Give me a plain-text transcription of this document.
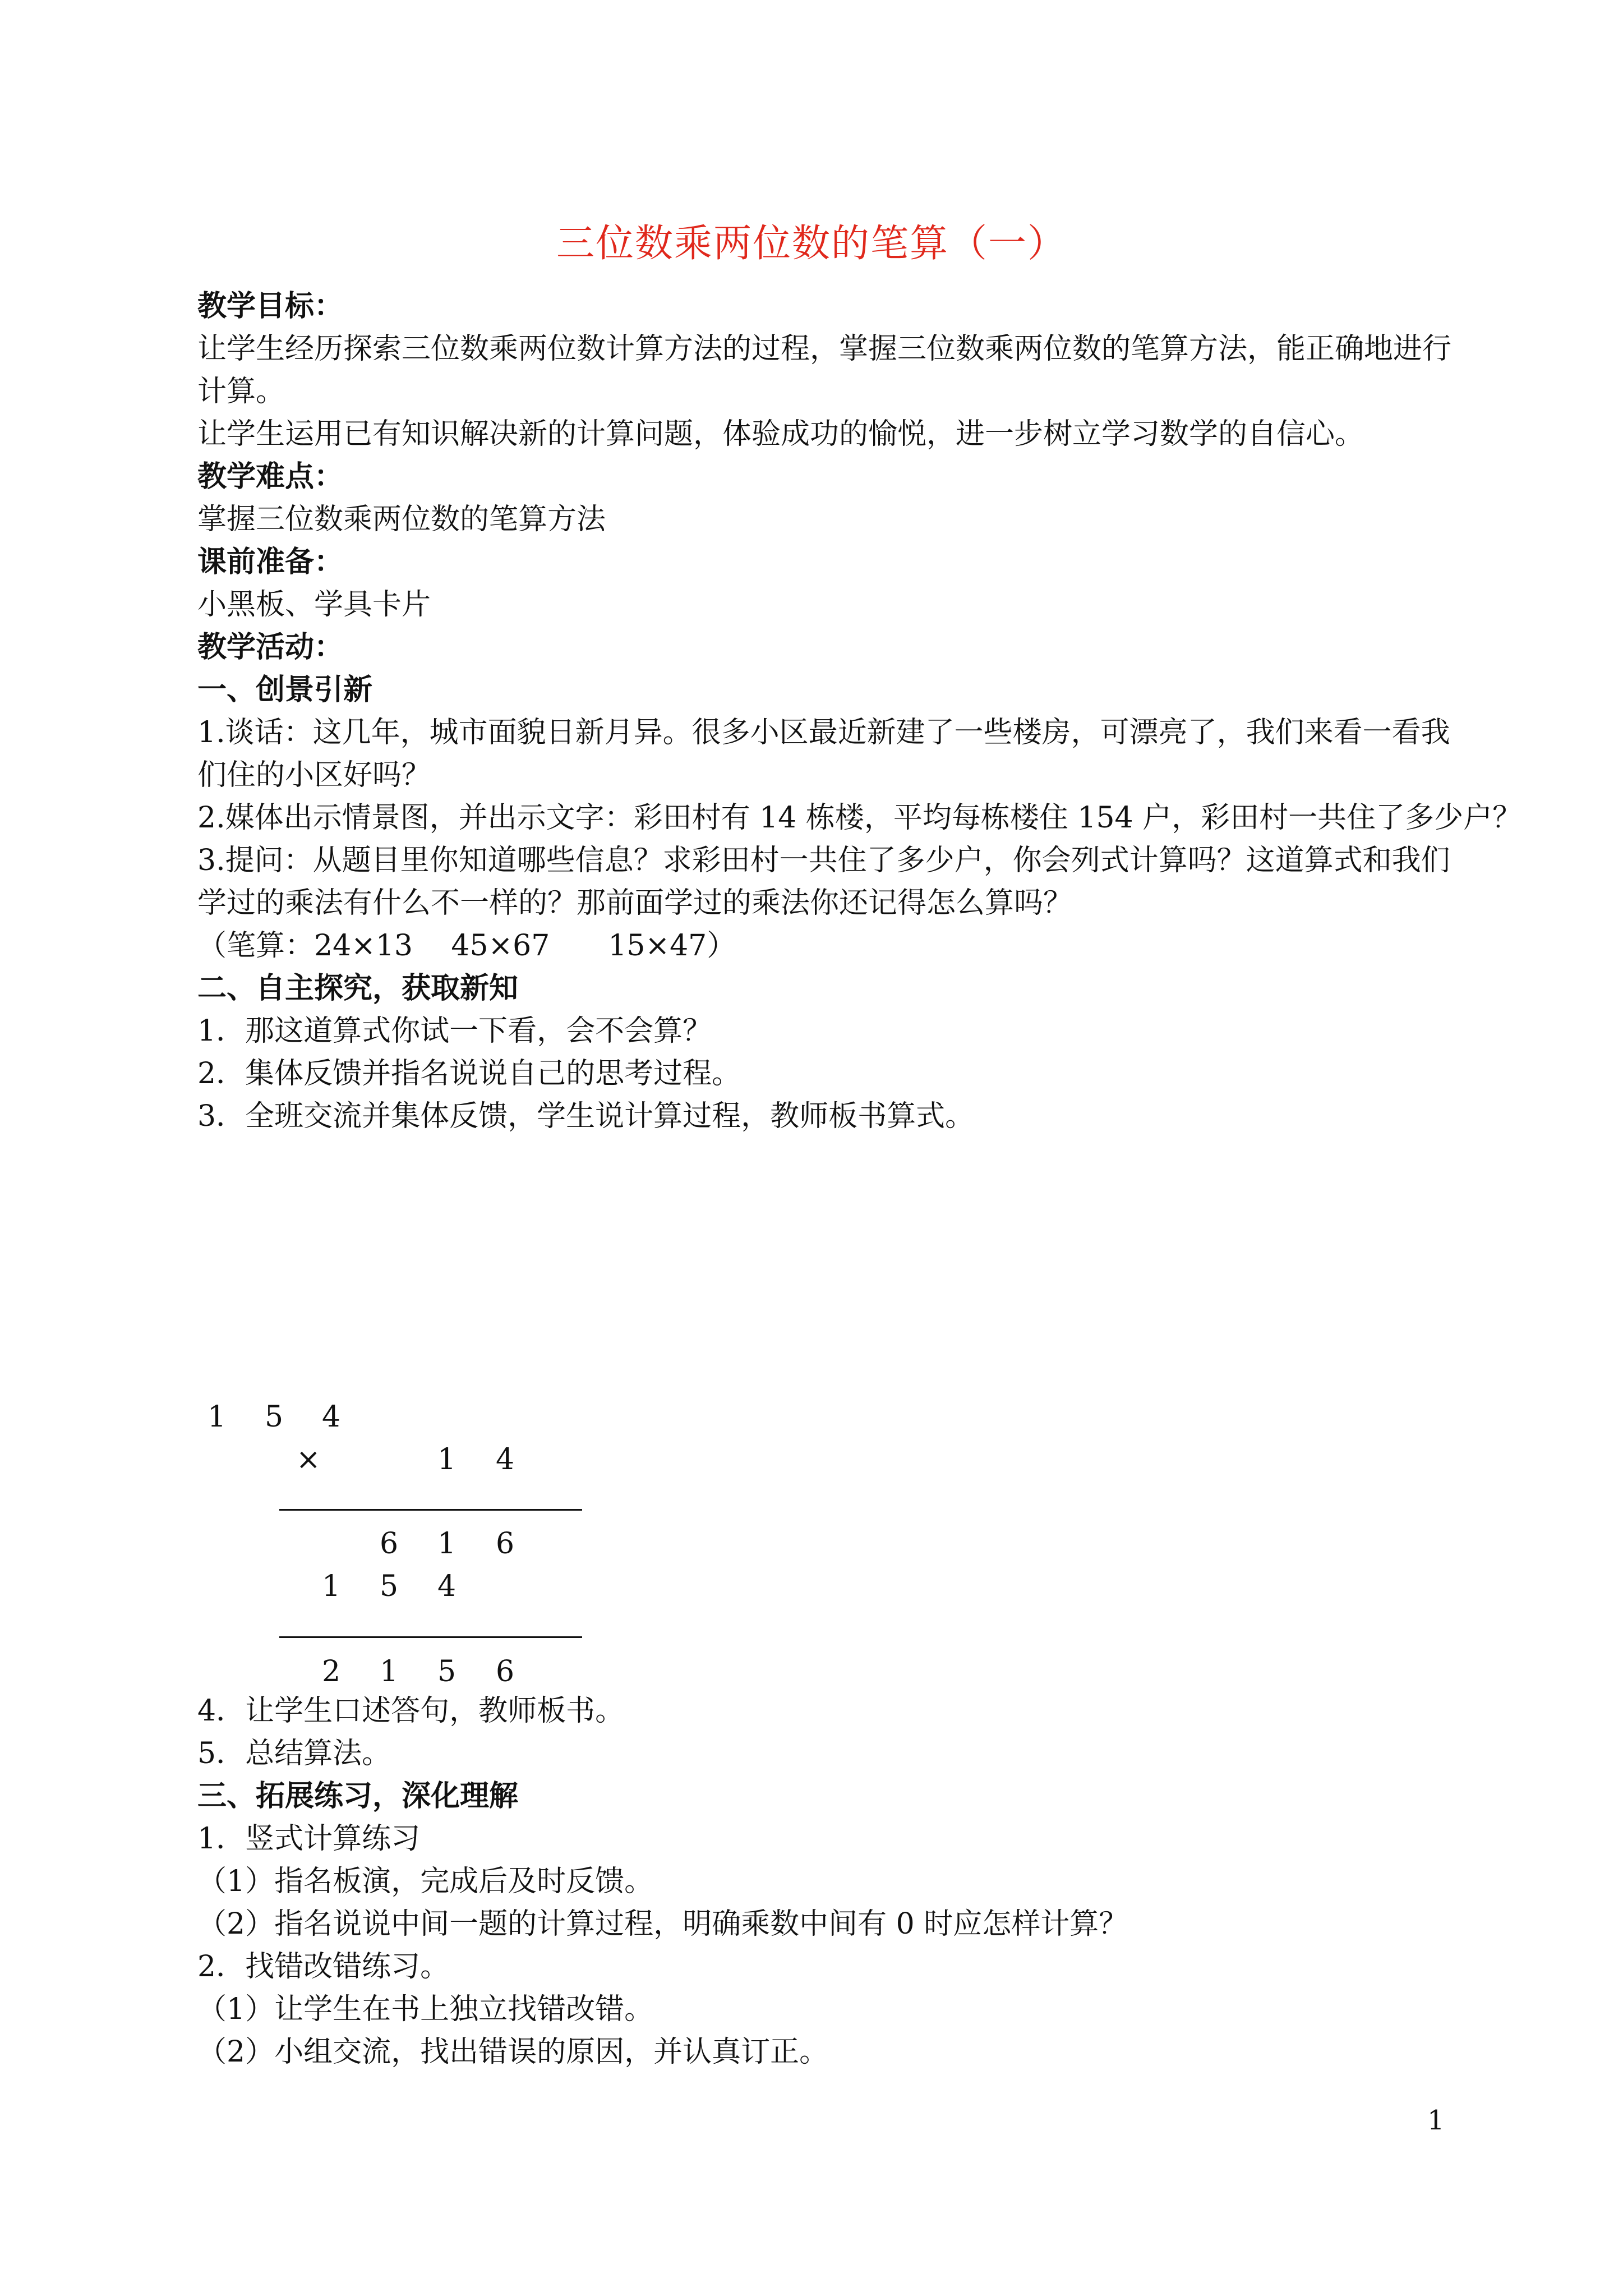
三位数乘两位数的笔算（一）
教学目标：
让学生经历探索三位数乘两位数计算方法的过程，掌握三位数乘两位数的笔算方法，能正确地进行
计算。
让学生运用已有知识解决新的计算问题，体验成功的愉悦，进一步树立学习数学的自信心。
教学难点：
掌握三位数乘两位数的笔算方法
课前准备：
小黑板、学具卡片
教学活动：
一、创景引新
1.谈话：这几年，城市面貌日新月异。很多小区最近新建了一些楼房，可漂亮了，我们来看一看我
们住的小区好吗？
2.媒体出示情景图，并出示文字：彩田村有 14 栋楼，平均每栋楼住 154 户，彩田村一共住了多少户？
3.提问：从题目里你知道哪些信息？求彩田村一共住了多少户，你会列式计算吗？这道算式和我们
学过的乘法有什么不一样的？那前面学过的乘法你还记得怎么算吗？
（笔算：24×13　 45×67　　15×47）
二、自主探究，获取新知
1．那这道算式你试一下看，会不会算？
2．集体反馈并指名说说自己的思考过程。
3．全班交流并集体反馈，学生说计算过程，教师板书算式。
1 5 4
×	1 4
6 1 6
1 5 4
2 1 5 6
4．让学生口述答句，教师板书。
5．总结算法。
三、拓展练习，深化理解
1．竖式计算练习
（1）指名板演，完成后及时反馈。
（2）指名说说中间一题的计算过程，明确乘数中间有 0 时应怎样计算？
2．找错改错练习。
（1）让学生在书上独立找错改错。
（2）小组交流，找出错误的原因，并认真订正。
1
